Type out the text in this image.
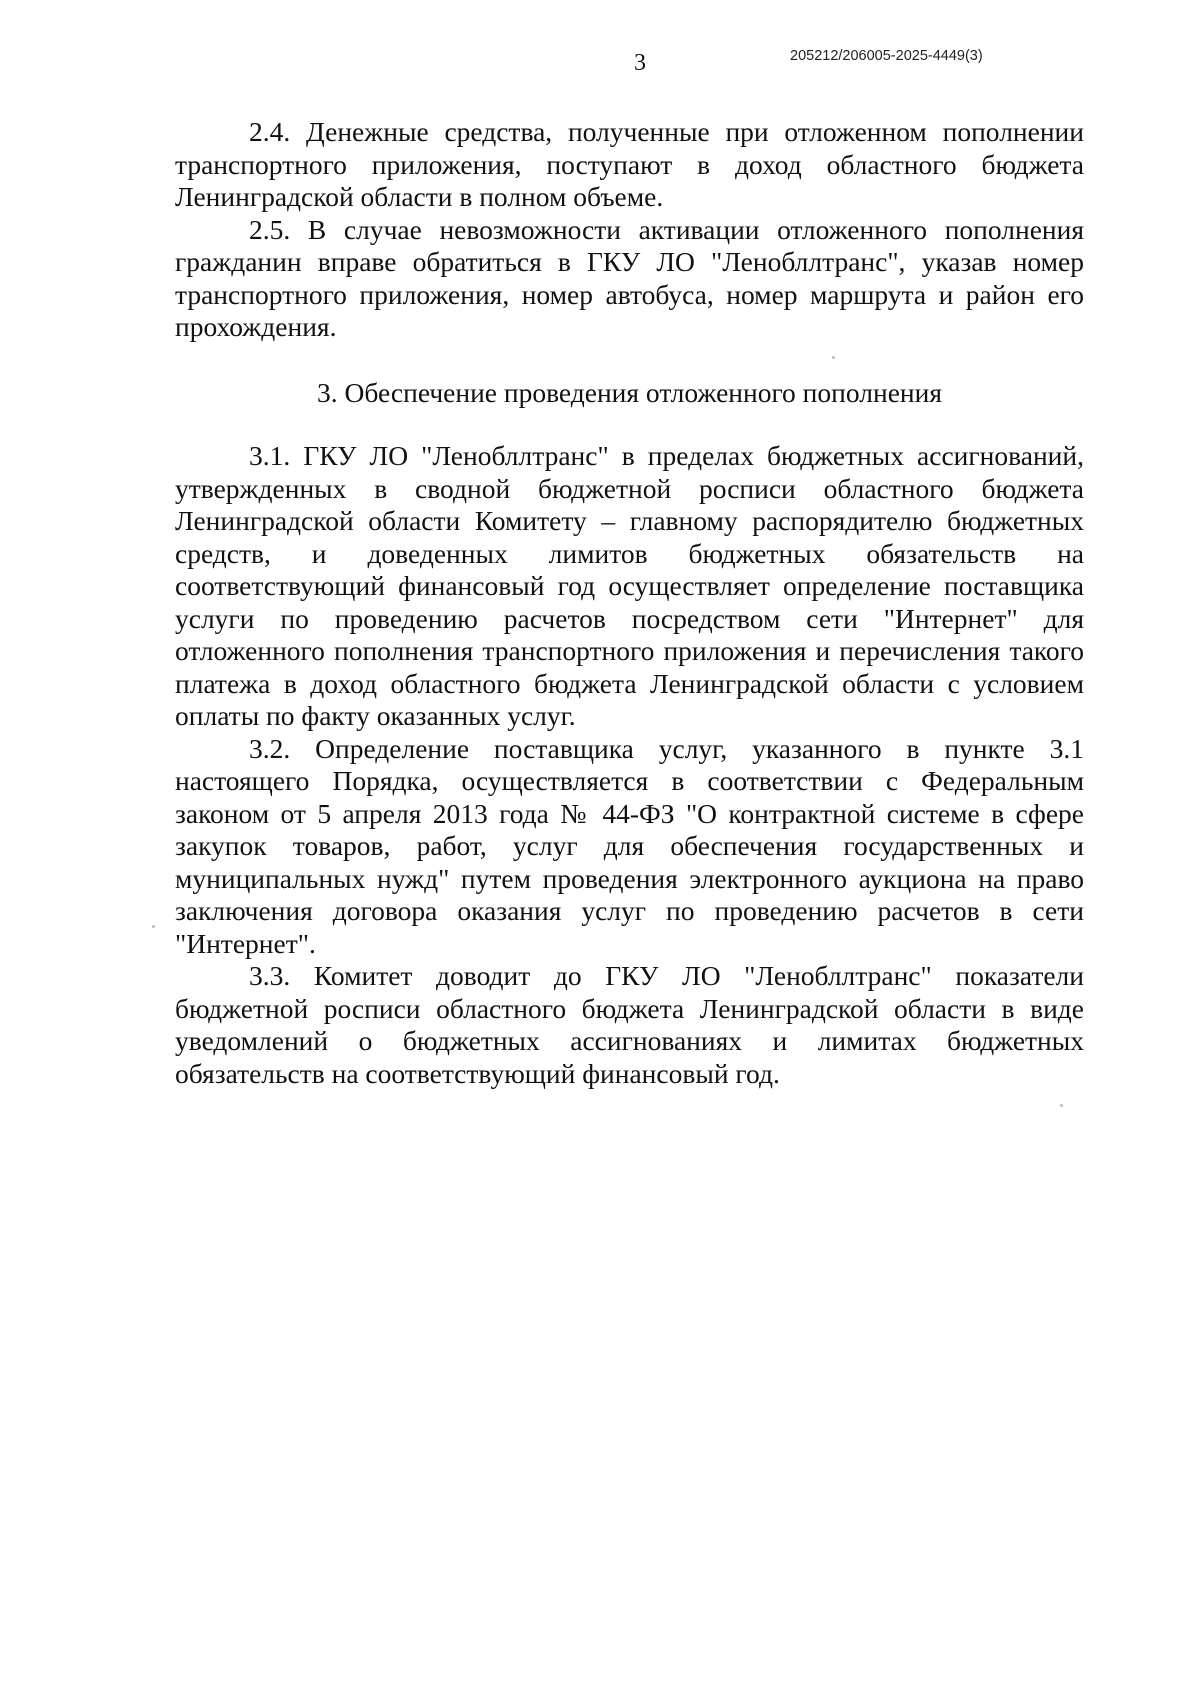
3	205212/206005-2025-4449(3)

2.4. Денежные средства, полученные при отложенном пополнении транспортного приложения, поступают в доход областного бюджета Ленинградской области в полном объеме.

2.5. В случае невозможности активации отложенного пополнения гражданин вправе обратиться в ГКУ ЛО "Ленобллтранс", указав номер транспортного приложения, номер автобуса, номер маршрута и район его прохождения.

3. Обеспечение проведения отложенного пополнения

3.1. ГКУ ЛО "Ленобллтранс" в пределах бюджетных ассигнований, утвержденных в сводной бюджетной росписи областного бюджета Ленинградской области Комитету – главному распорядителю бюджетных средств, и доведенных лимитов бюджетных обязательств на соответствующий финансовый год осуществляет определение поставщика услуги по проведению расчетов посредством сети "Интернет" для отложенного пополнения транспортного приложения и перечисления такого платежа в доход областного бюджета Ленинградской области с условием оплаты по факту оказанных услуг.

3.2. Определение поставщика услуг, указанного в пункте 3.1 настоящего Порядка, осуществляется в соответствии с Федеральным законом от 5 апреля 2013 года № 44-ФЗ "О контрактной системе в сфере закупок товаров, работ, услуг для обеспечения государственных и муниципальных нужд" путем проведения электронного аукциона на право заключения договора оказания услуг по проведению расчетов в сети "Интернет".

3.3. Комитет доводит до ГКУ ЛО "Ленобллтранс" показатели бюджетной росписи областного бюджета Ленинградской области в виде уведомлений о бюджетных ассигнованиях и лимитах бюджетных обязательств на соответствующий финансовый год.
